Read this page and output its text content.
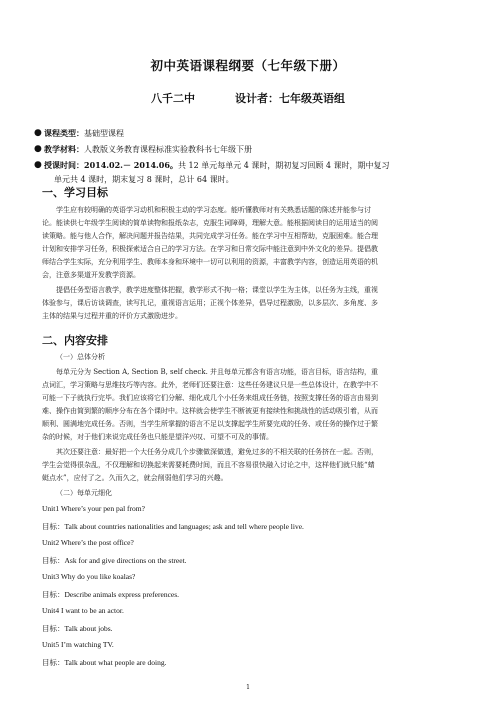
初中英语课程纲要（七年级下册）
八千二中	设计者：七年级英语组
● 课程类型：基础型课程
● 教学材料：人教版义务教育课程标准实验教科书七年级下册
● 授课时间：2014.02.－ 2014.06。共 12 单元每单元 4 课时，期初复习回顾 4 课时，期中复习
单元共 4 课时，期末复习 8 课时，总计 64 课时。
一、学习目标
学生应有较明确的英语学习动机和积极主动的学习态度。能听懂教师对有关熟悉话题的陈述并能参与讨
论。能读供七年级学生阅读的简单读物和报纸杂志，克服生词障碍，理解大意。能根据阅读目的运用适当的阅
读策略。能与他人合作，解决问题并报告结果，共同完成学习任务。能在学习中互相帮助，克服困难。能合理
计划和安排学习任务，积极探索适合自己的学习方法。在学习和日常交际中能注意到中外文化的差异。提倡教
师结合学生实际，充分利用学生、教师本身和环境中一切可以利用的资源，丰富教学内容，创造运用英语的机
会，注意多渠道开发教学资源。
提倡任务型语言教学，教学进度整体把握，教学形式不拘一格；课堂以学生为主体，以任务为主线，重视
体验参与，课后访谈调查，读写扎记，重视语言运用；正视个体差异，倡导过程激励，以多层次、多角度、多
主体的结果与过程并重的评价方式激励进步。
二、内容安排
（一）总体分析
每单元分为 Section A, Section B, self check. 并且每单元都含有语言功能，语言目标，语言结构，重
点词汇，学习策略与思维技巧等内容。此外，老师们还要注意：这些任务建议只是一些总体设计，在教学中不
可能一下子就执行完毕。我们应该将它们分解、细化成几个小任务来组成任务链，按照支撑任务的语言由易到
难、操作由简到繁的顺序分布在各个课时中。这样就会使学生不断被更有接续性和挑战性的活动吸引着，从而
顺利、圆满地完成任务。否则，当学生所掌握的语言不足以支撑起学生所要完成的任务、或任务的操作过于繁
杂的时候，对于他们来说完成任务也只能是望洋兴叹、可望不可及的事情。
其次还要注意：最好把一个大任务分成几个步骤做深做透，避免过多的不相关联的任务挤在一起。否则，
学生会觉得很杂乱，不仅理解和切换起来需要耗费时间，而且不容易很快融入讨论之中，这样他们就只能“蜻
蜓点水”，应付了之。久而久之，就会削弱他们学习的兴趣。
（二）每单元细化
Unit1 Where’s your pen pal from?
目标：Talk about countries nationalities and languages; ask and tell where people live.
Unit2 Where’s the post office?
目标：Ask for and give directions on the street.
Unit3 Why do you like koalas?
目标：Describe animals express preferences.
Unit4 I want to be an actor.
目标：Talk about jobs.
Unit5 I’m watching TV.
目标：Talk about what people are doing.
1
